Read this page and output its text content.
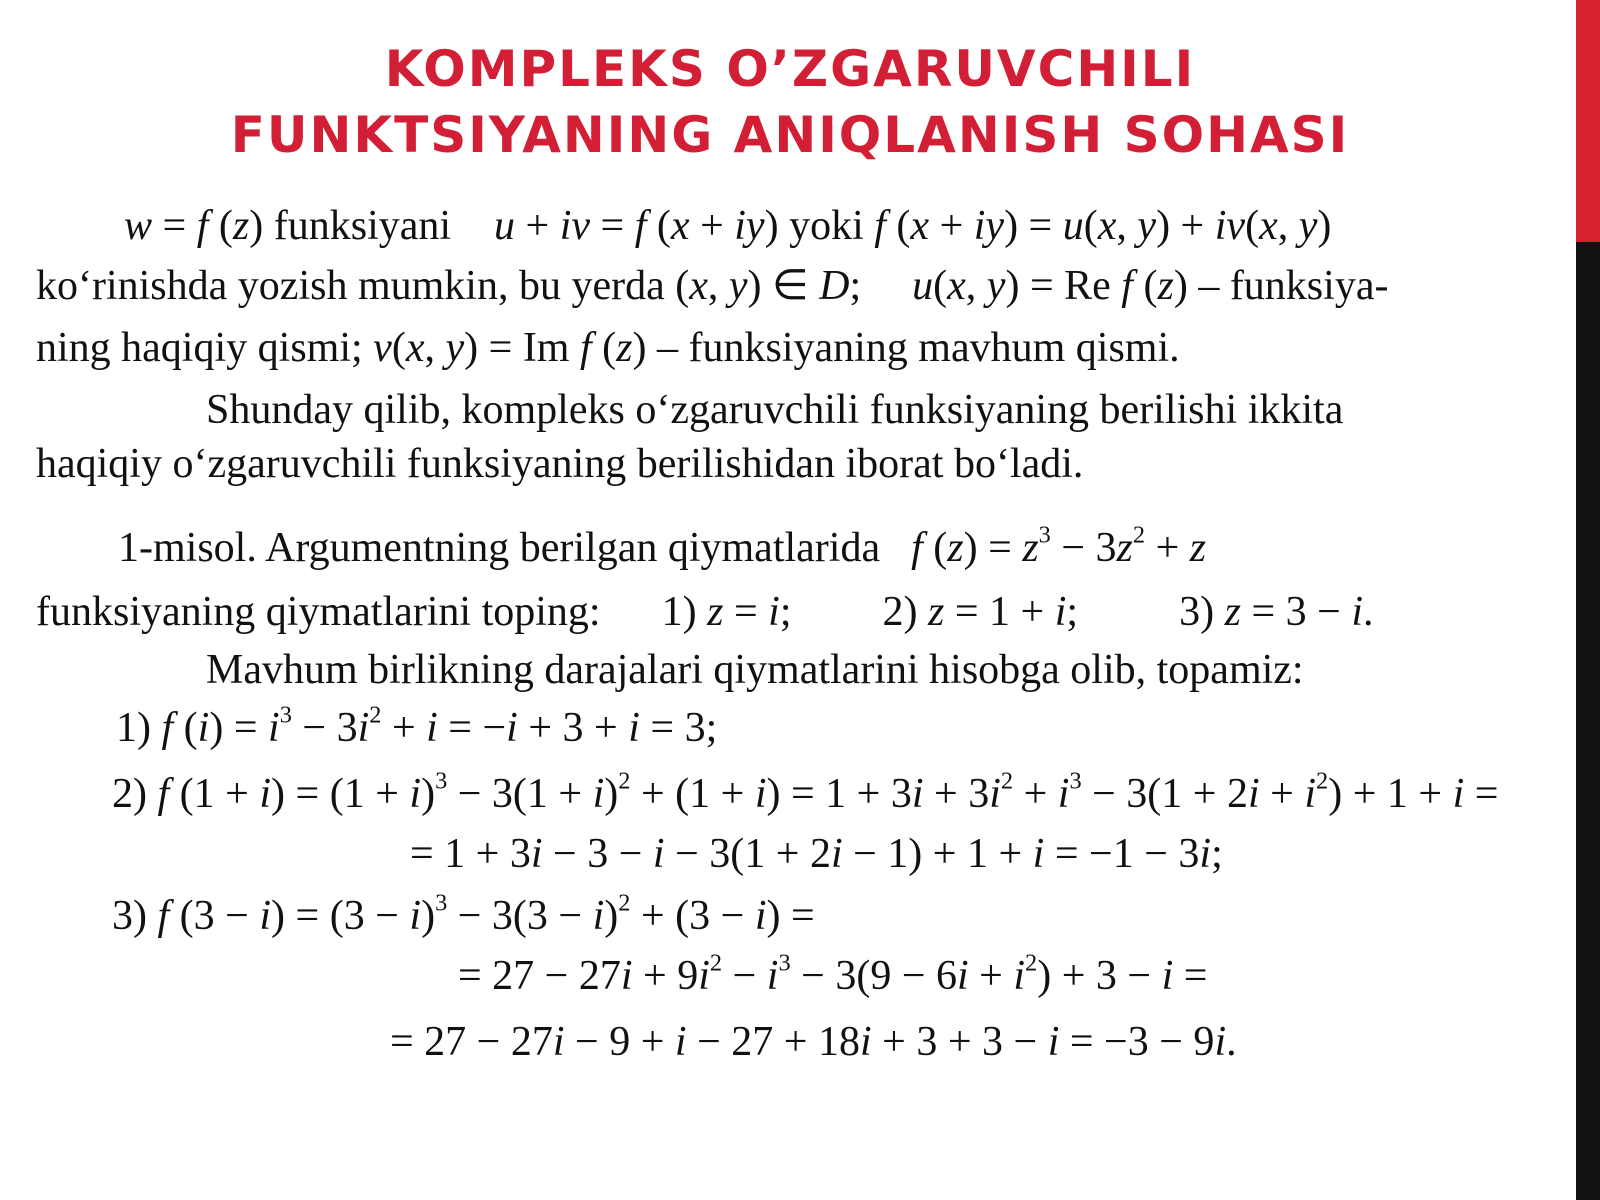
KOMPLEKS O’ZGARUVCHILI
FUNKTSIYANING ANIQLANISH SOHASI
w = f (z) funksiyani u + iv = f (x + iy) yoki f (x + iy) = u(x, y) + iv(x, y)
ko‘rinishda yozish mumkin, bu yerda (x, y) ∈ D; u(x, y) = Re f (z) – funksiya-
ning haqiqiy qismi; v(x, y) = Im f (z) – funksiyaning mavhum qismi.
Shunday qilib, kompleks o‘zgaruvchili funksiyaning berilishi ikkita
haqiqiy o‘zgaruvchili funksiyaning berilishidan iborat bo‘ladi.
1-misol. Argumentning berilgan qiymatlarida f $(z) = z^3 - 3z^2 + z$
funksiyaning qiymatlarini toping: 1) z = i; 2) z = 1 + i; 3) z = 3 − i.
Mavhum birlikning darajalari qiymatlarini hisobga olib, topamiz:
1) f $(i) = i^3 - 3i^2 + i = -i + 3 + i = 3$;
2) f $(1 + i) = (1 + i)^3 - 3(1 + i)^2 + (1 + i) = 1 + 3i + 3i^2 + i^3 - 3(1 + 2i + i^2) + 1 + i$ =
= 1 + 3i − 3 − i − 3(1 + 2i − 1) + 1 + i = −1 − 3i;
3) f $(3 - i) = (3 - i)^3 - 3(3 - i)^2 + (3 - i)$ =
= $27 - 27i + 9i^2 - i^3 - 3(9 - 6i + i^2) + 3 - i$ =
= 27 − 27i − 9 + i − 27 + 18i + 3 + 3 − i = −3 − 9i.
